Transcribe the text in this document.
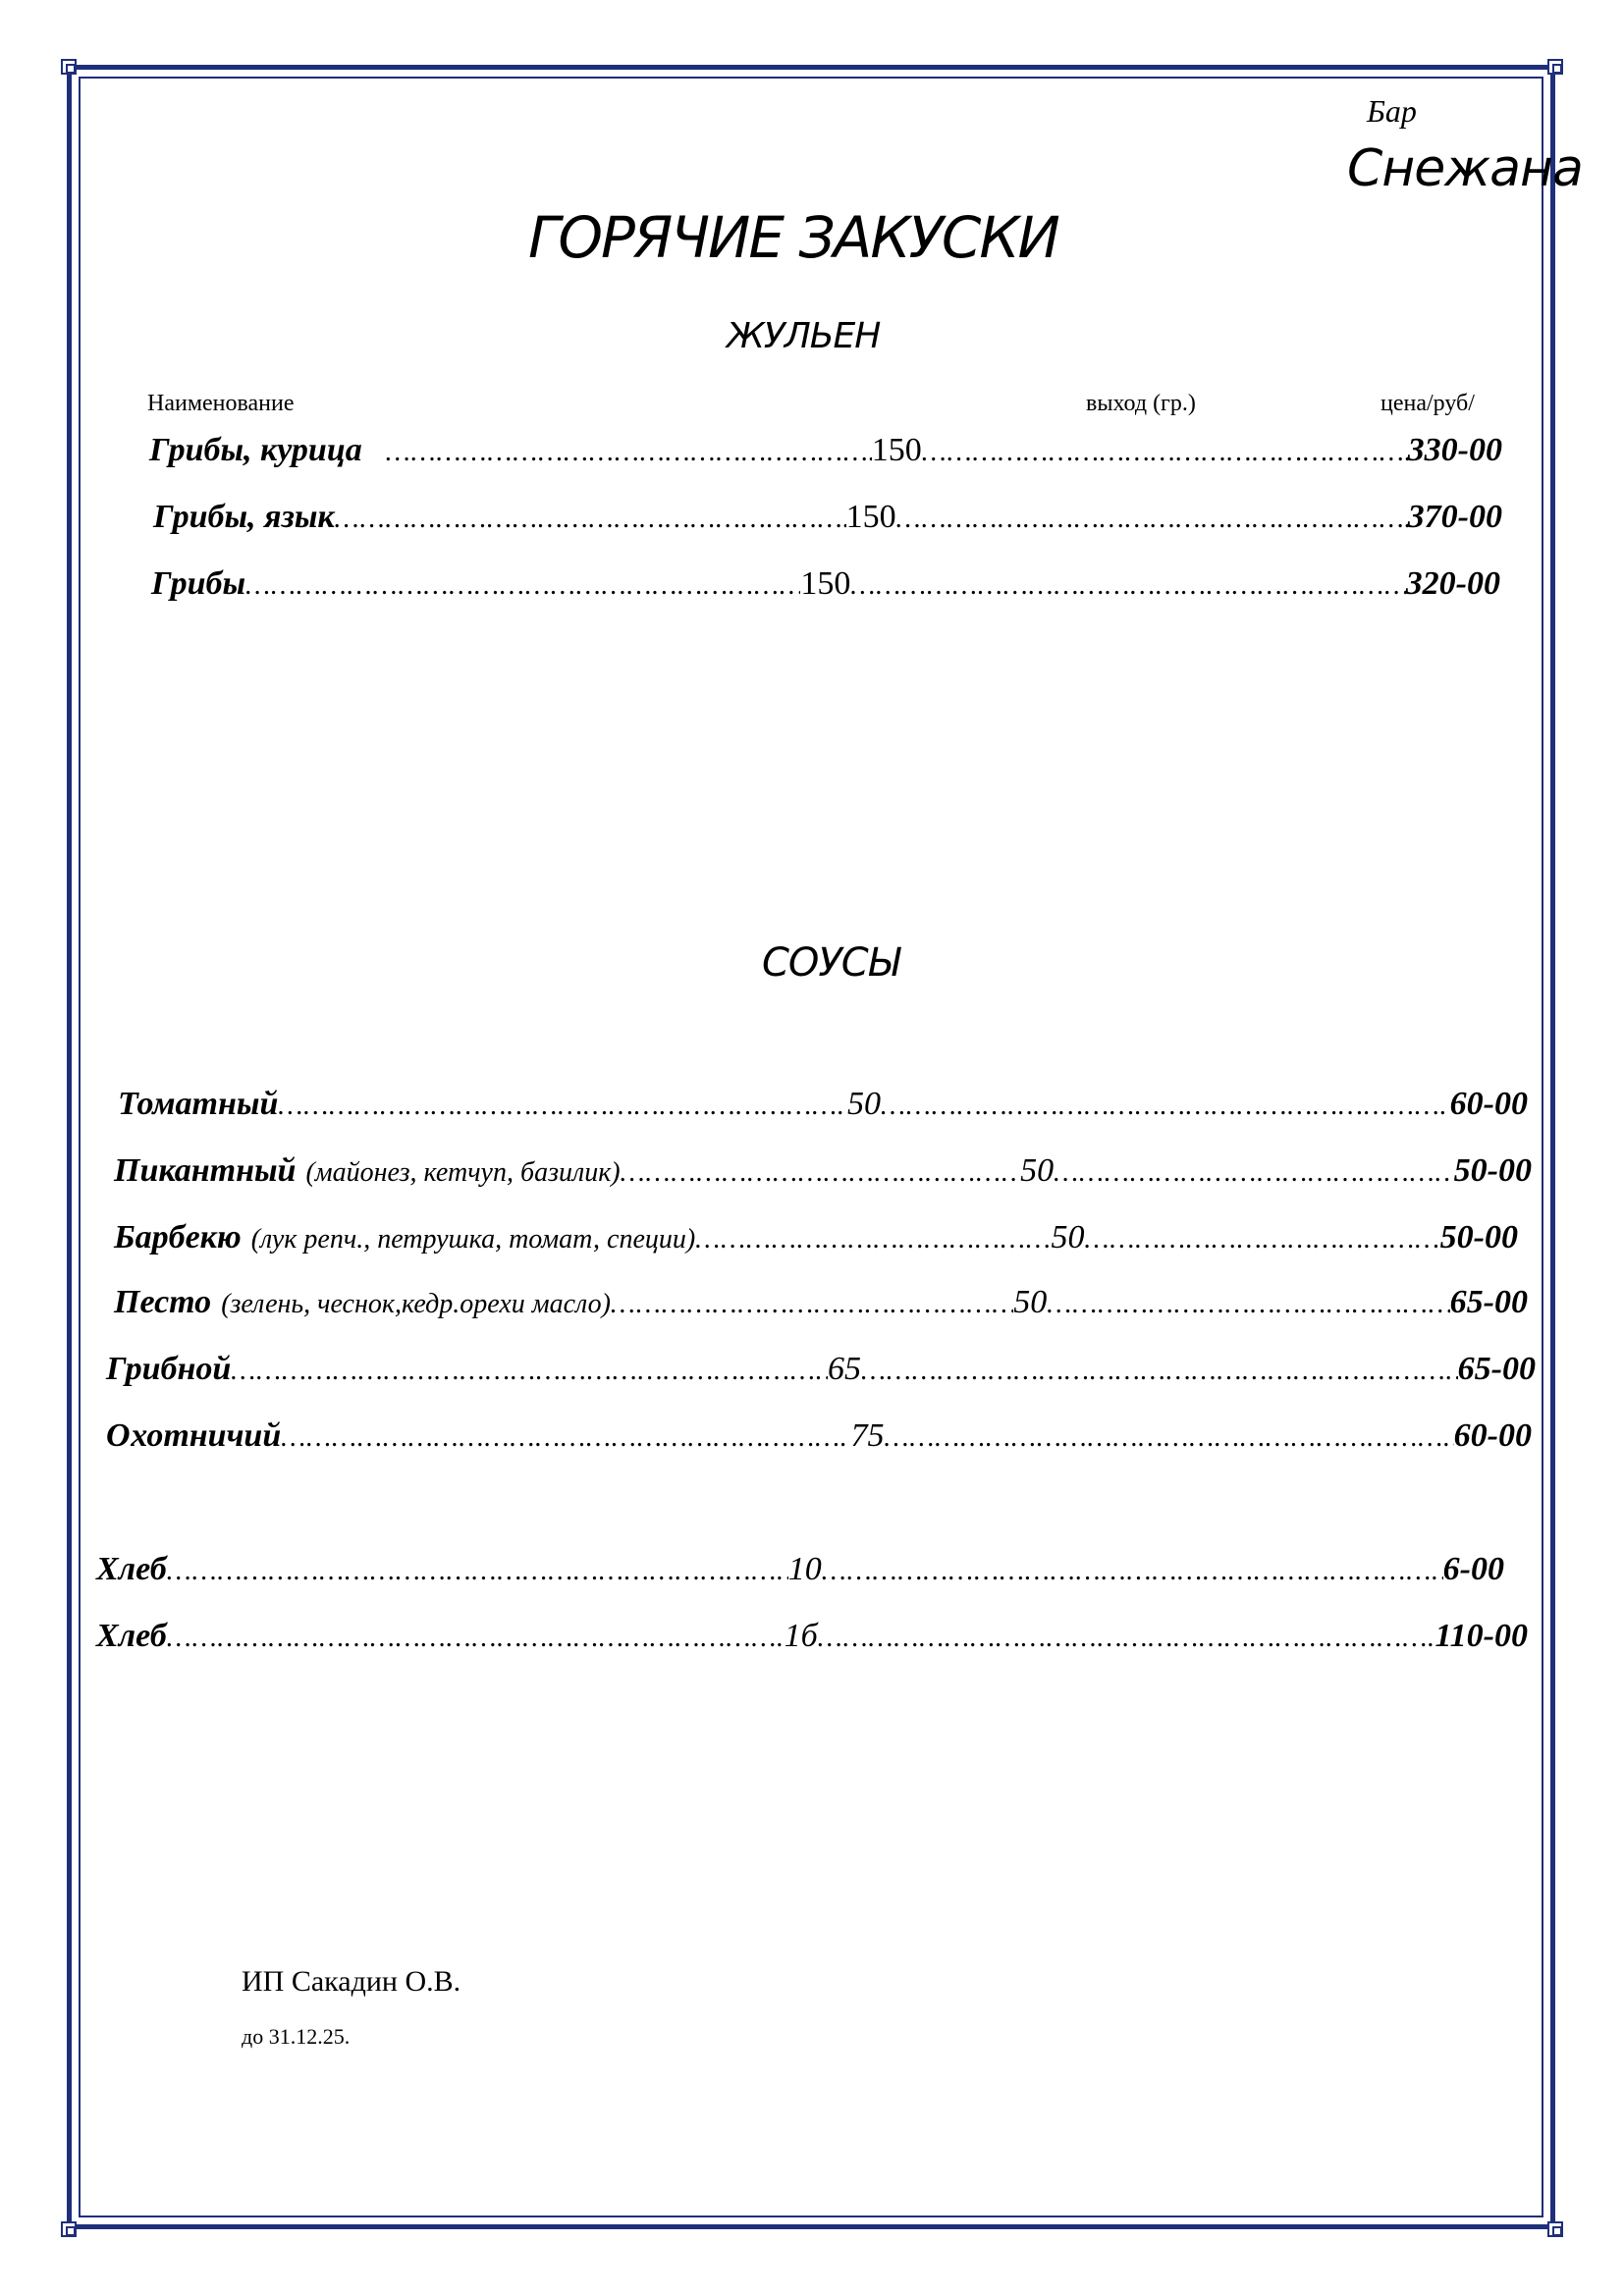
Бар
Снежана
ГОРЯЧИЕ ЗАКУСКИ
ЖУЛЬЕН
Наименование	выход (гр.)	цена/руб/
Грибы, курица …………………………………………………………………………………………………………………………………………………………………………………………………………	150 …………………………………………………………………………………………………………………………………………………………………………………………………………	330-00
Грибы, язык …………………………………………………………………………………………………………………………………………………………………………………………………………	150 …………………………………………………………………………………………………………………………………………………………………………………………………………	370-00
Грибы …………………………………………………………………………………………………………………………………………………………………………………………………………	150 …………………………………………………………………………………………………………………………………………………………………………………………………………	320-00
СОУСЫ
Томатный …………………………………………………………………………………………………………………………………………………………………………………………………………	50 …………………………………………………………………………………………………………………………………………………………………………………………………………	60-00
Пикантный (майонез, кетчуп, базилик) …………………………………………………………………………………………………………………………………………………………………………………………………………	50 …………………………………………………………………………………………………………………………………………………………………………………………………………	50-00
Барбекю (лук репч., петрушка, томат, специи) …………………………………………………………………………………………………………………………………………………………………………………………………………	50 …………………………………………………………………………………………………………………………………………………………………………………………………………	50-00
Песто (зелень, чеснок,кедр.орехи масло) …………………………………………………………………………………………………………………………………………………………………………………………………………	50 …………………………………………………………………………………………………………………………………………………………………………………………………………	65-00
Грибной …………………………………………………………………………………………………………………………………………………………………………………………………………	65 …………………………………………………………………………………………………………………………………………………………………………………………………………	65-00
Охотничий …………………………………………………………………………………………………………………………………………………………………………………………………………	75 …………………………………………………………………………………………………………………………………………………………………………………………………………	60-00
Хлеб …………………………………………………………………………………………………………………………………………………………………………………………………………	10 …………………………………………………………………………………………………………………………………………………………………………………………………………	6-00
Хлеб …………………………………………………………………………………………………………………………………………………………………………………………………………	1б …………………………………………………………………………………………………………………………………………………………………………………………………………	110-00
ИП Сакадин О.В.
до 31.12.25.
